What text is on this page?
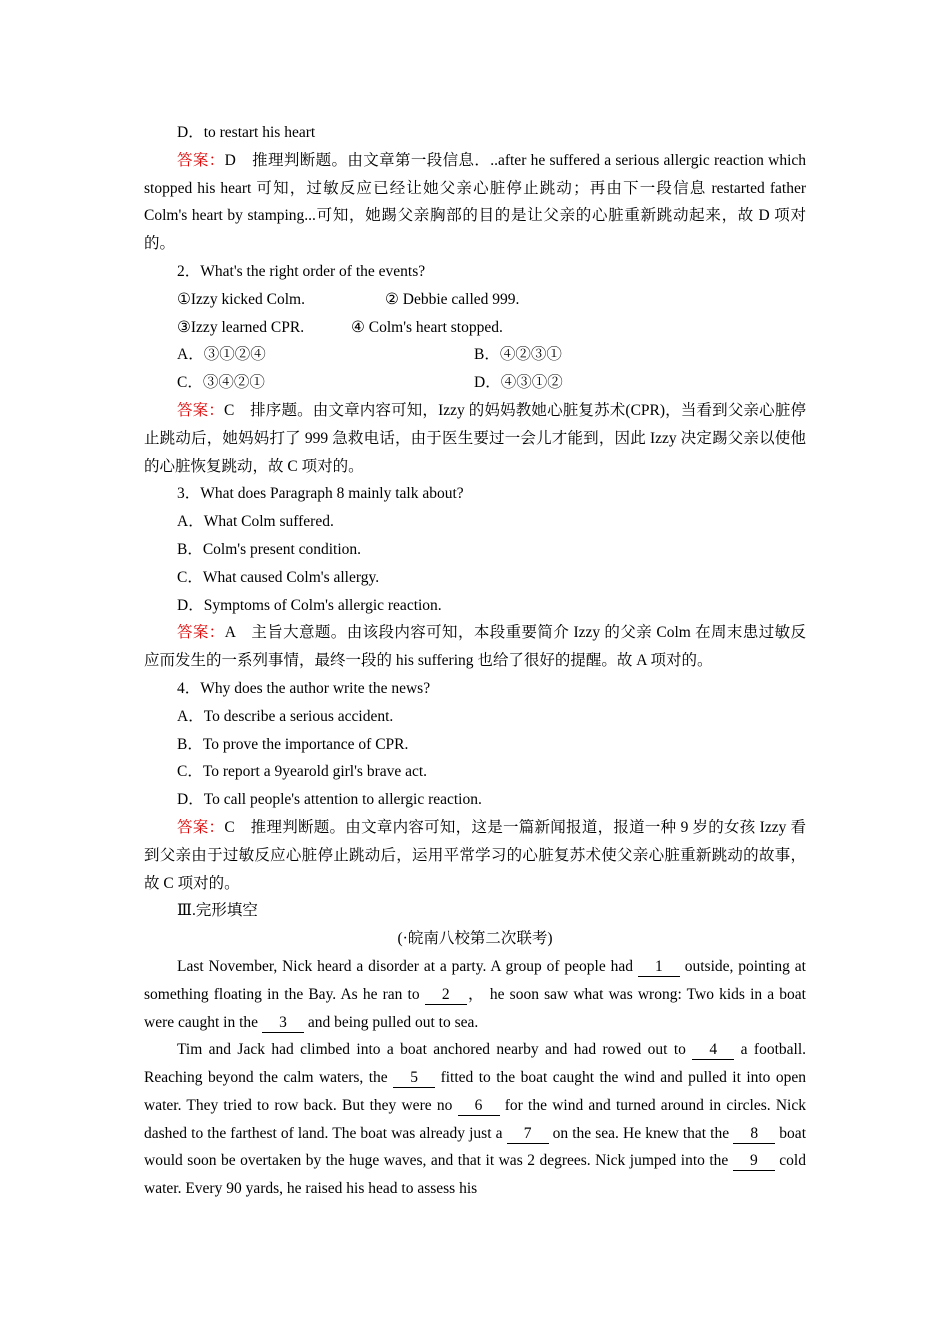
D．to restart his heart

答案：D　推理判断题。由文章第一段信息．..after he suffered a serious allergic reaction which stopped his heart 可知，过敏反应已经让她父亲心脏停止跳动；再由下一段信息 restarted father Colm's heart by stamping...可知，她踢父亲胸部的目的是让父亲的心脏重新跳动起来，故 D 项对的。

2．What's the right order of the events?

①Izzy kicked Colm.	② Debbie called 999.
③Izzy learned CPR.	④ Colm's heart stopped.
A．③①②④	B．④②③①
C．③④②①	D．④③①②

答案：C　排序题。由文章内容可知，Izzy 的妈妈教她心脏复苏术(CPR)，当看到父亲心脏停止跳动后，她妈妈打了 999 急救电话，由于医生要过一会儿才能到，因此 Izzy 决定踢父亲以使他的心脏恢复跳动，故 C 项对的。

3．What does Paragraph 8 mainly talk about?

A．What Colm suffered.

B．Colm's present condition.

C．What caused Colm's allergy.

D．Symptoms of Colm's allergic reaction.

答案：A　主旨大意题。由该段内容可知，本段重要简介 Izzy 的父亲 Colm 在周末患过敏反应而发生的一系列事情，最终一段的 his suffering 也给了很好的提醒。故 A 项对的。

4．Why does the author write the news?

A．To describe a serious accident.

B．To prove the importance of CPR.

C．To report a 9yearold girl's brave act.

D．To call people's attention to allergic reaction.

答案：C　推理判断题。由文章内容可知，这是一篇新闻报道，报道一种 9 岁的女孩 Izzy 看到父亲由于过敏反应心脏停止跳动后，运用平常学习的心脏复苏术使父亲心脏重新跳动的故事，故 C 项对的。

Ⅲ.完形填空

(·皖南八校第二次联考)

Last November, Nick heard a disorder at a party. A group of people had 1 outside, pointing at something floating in the Bay. As he ran to 2 ， he soon saw what was wrong: Two kids in a boat were caught in the 3 and being pulled out to sea.

Tim and Jack had climbed into a boat anchored nearby and had rowed out to 4 a football. Reaching beyond the calm waters, the 5 fitted to the boat caught the wind and pulled it into open water. They tried to row back. But they were no 6 for the wind and turned around in circles. Nick dashed to the farthest of land. The boat was already just a 7 on the sea. He knew that the 8 boat would soon be overtaken by the huge waves, and that it was 2 degrees. Nick jumped into the 9 cold water. Every 90 yards, he raised his head to assess his
